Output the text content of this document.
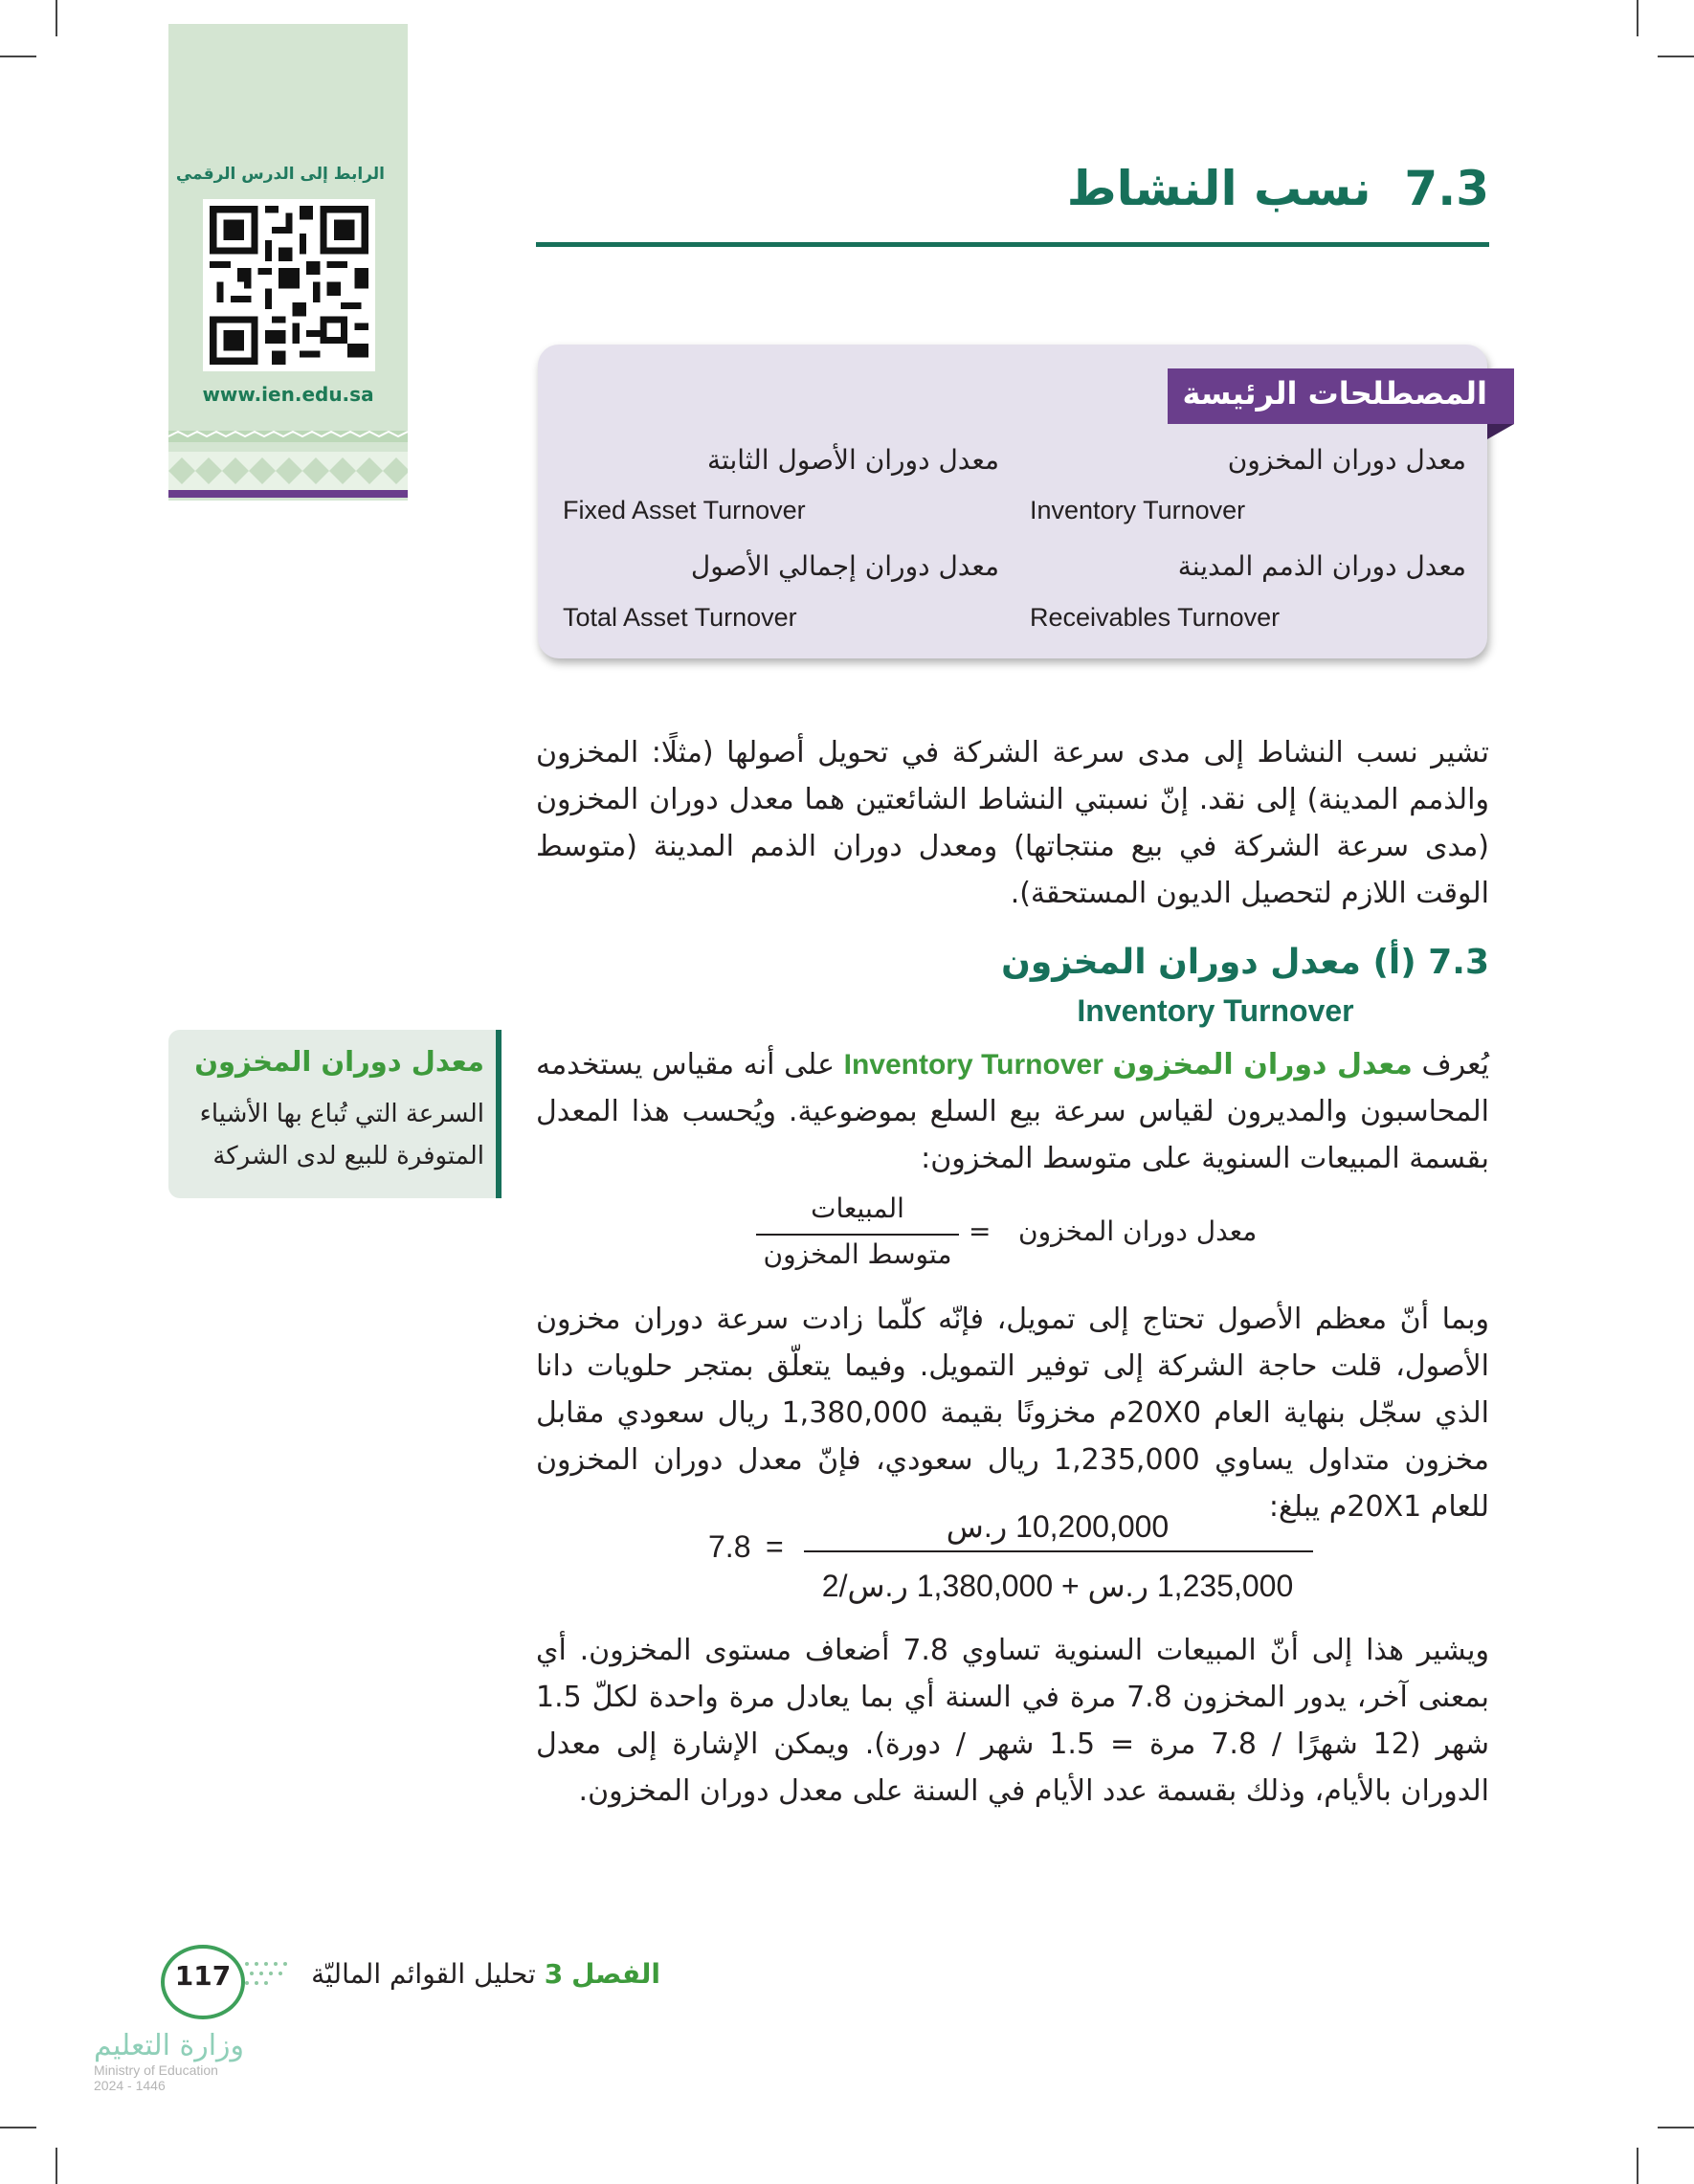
الرابط إلى الدرس الرقمي
www.ien.edu.sa
7.3  نسب النشاط
المصطلحات الرئيسة
معدل دوران المخزون
Inventory Turnover
معدل دوران الأصول الثابتة
Fixed Asset Turnover
معدل دوران الذمم المدينة
Receivables Turnover
معدل دوران إجمالي الأصول
Total Asset Turnover
تشير نسب النشاط إلى مدى سرعة الشركة في تحويل أصولها (مثلًا: المخزون والذمم المدينة) إلى نقد. إنّ نسبتي النشاط الشائعتين هما معدل دوران المخزون (مدى سرعة الشركة في بيع منتجاتها) ومعدل دوران الذمم المدينة (متوسط الوقت اللازم لتحصيل الديون المستحقة).
7.3 (أ) معدل دوران المخزون
Inventory Turnover
معدل دوران المخزون
السرعة التي تُباع بها الأشياء المتوفرة للبيع لدى الشركة
يُعرف معدل دوران المخزون Inventory Turnover على أنه مقياس يستخدمه المحاسبون والمديرون لقياس سرعة بيع السلع بموضوعية. ويُحسب هذا المعدل بقسمة المبيعات السنوية على متوسط المخزون:
معدل دوران المخزون
=
المبيعات
متوسط المخزون
وبما أنّ معظم الأصول تحتاج إلى تمويل، فإنّه كلّما زادت سرعة دوران مخزون الأصول، قلت حاجة الشركة إلى توفير التمويل. وفيما يتعلّق بمتجر حلويات دانا الذي سجّل بنهاية العام 20X0م مخزونًا بقيمة 1,380,000 ريال سعودي مقابل مخزون متداول يساوي 1,235,000 ريال سعودي، فإنّ معدل دوران المخزون للعام 20X1م يبلغ:
7.8 =
10,200,000 ر.س
1,235,000 ر.س + 1,380,000 ر.س/2
ويشير هذا إلى أنّ المبيعات السنوية تساوي 7.8 أضعاف مستوى المخزون. أي بمعنى آخر، يدور المخزون 7.8 مرة في السنة أي بما يعادل مرة واحدة لكلّ 1.5 شهر (12 شهرًا / 7.8 مرة = 1.5 شهر / دورة). ويمكن الإشارة إلى معدل الدوران بالأيام، وذلك بقسمة عدد الأيام في السنة على معدل دوران المخزون.
الفصل 3 تحليل القوائم الماليّة
117
وزارة التعليم
Ministry of Education
2024 - 1446
